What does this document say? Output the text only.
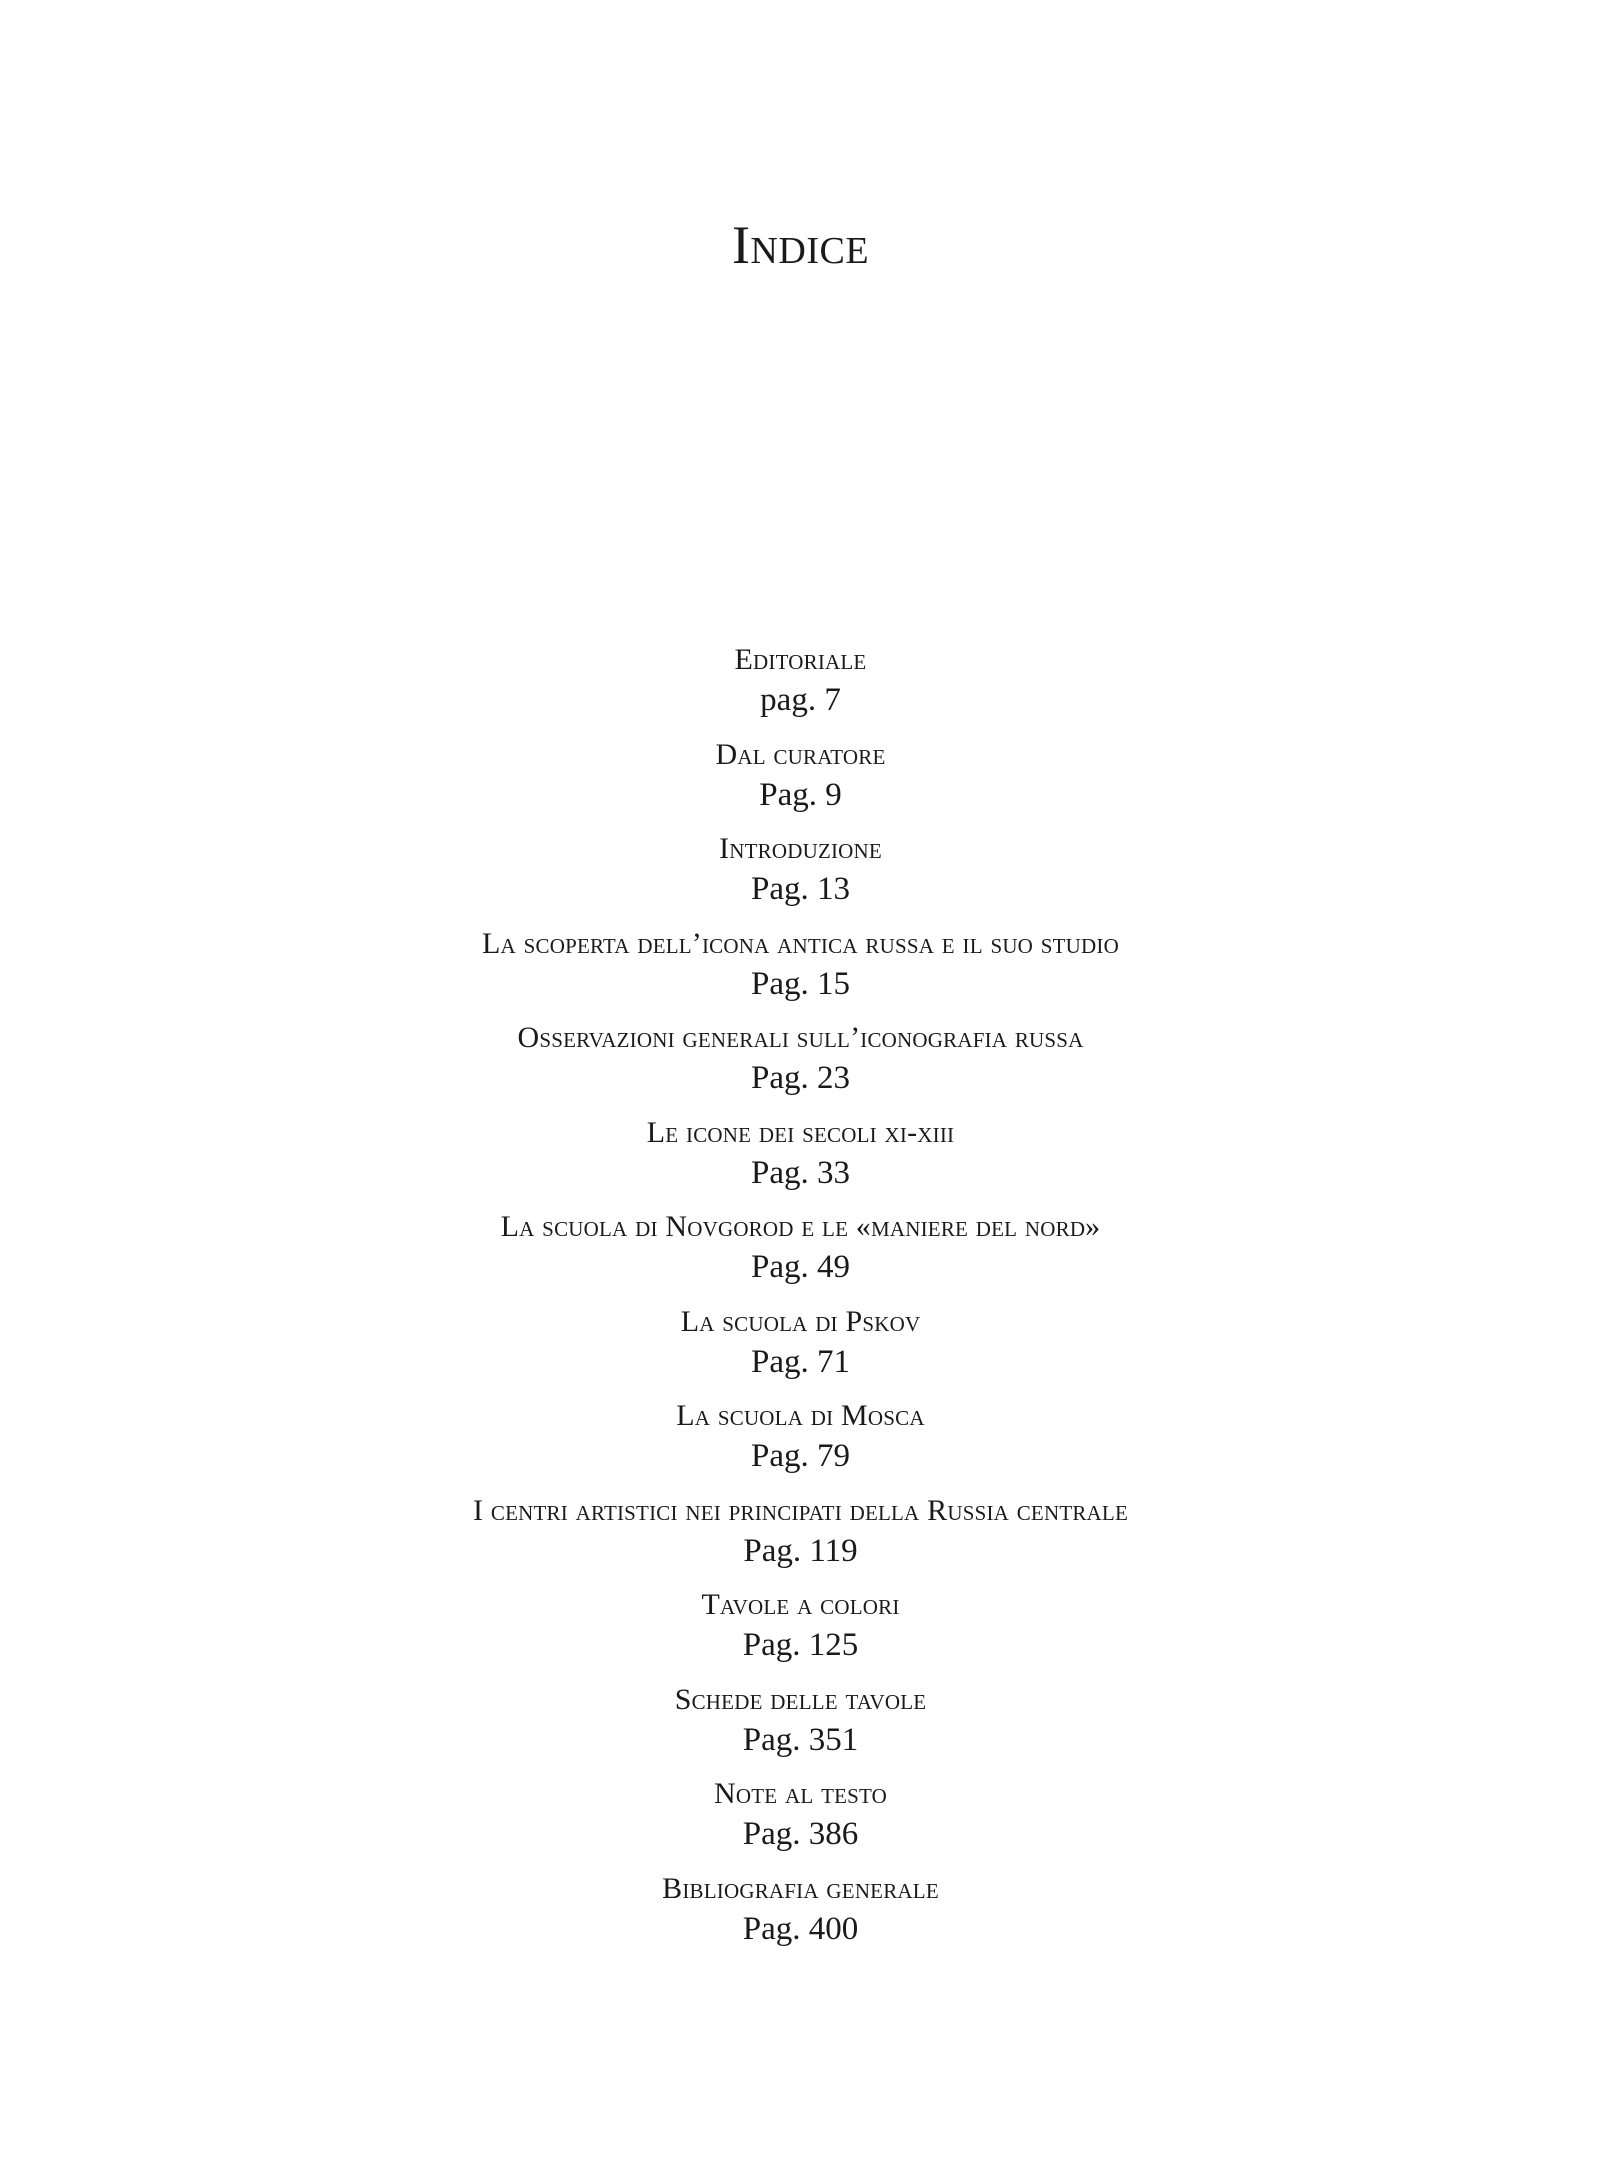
Indice
Editoriale
pag. 7
Dal curatore
Pag. 9
Introduzione
Pag. 13
La scoperta dell’icona antica russa e il suo studio
Pag. 15
Osservazioni generali sull’iconografia russa
Pag. 23
Le icone dei secoli xi-xiii
Pag. 33
La scuola di Novgorod e le «maniere del nord»
Pag. 49
La scuola di Pskov
Pag. 71
La scuola di Mosca
Pag. 79
I centri artistici nei principati della Russia centrale
Pag. 119
Tavole a colori
Pag. 125
Schede delle tavole
Pag. 351
Note al testo
Pag. 386
Bibliografia generale
Pag. 400
